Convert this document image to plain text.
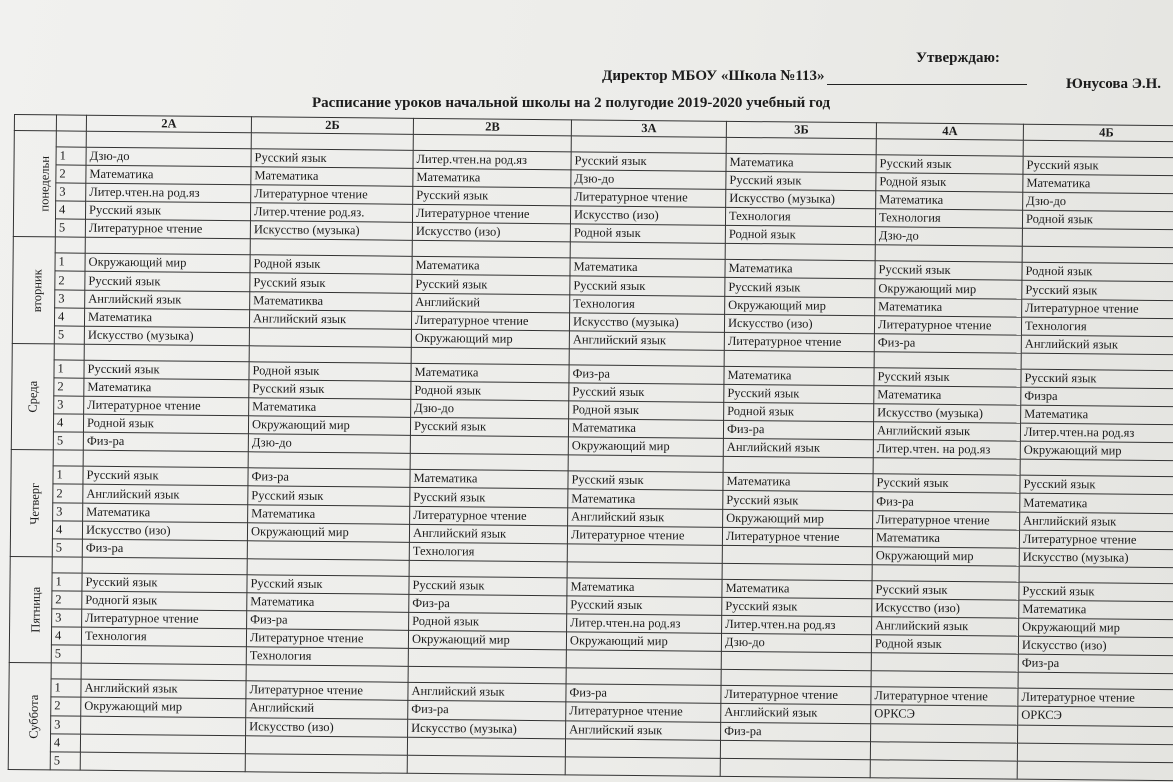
Утверждаю:
Директор МБОУ «Школа №113»	Юнусова Э.Н.
Расписание уроков начальной школы на 2 полугодие 2019-2020 учебный год
		2А	2Б	2В	3А	3Б	4А	4Б
понедельн								
	1	Дзю-до	Русский язык	Литер.чтен.на род.яз	Русский язык	Математика	Русский язык	Русский язык
	2	Математика	Математика	Математика	Дзю-до	Русский язык	Родной язык	Математика
	3	Литер.чтен.на род.яз	Литературное чтение	Русский язык	Литературное чтение	Искусство (музыка)	Математика	Дзю-до
	4	Русский язык	Литер.чтение род.яз.	Литературное чтение	Искусство (изо)	Технология	Технология	Родной язык
	5	Литературное чтение	Искусство (музыка)	Искусство (изо)	Родной язык	Родной язык	Дзю-до	
вторник								
	1	Окружающий мир	Родной язык	Математика	Математика	Математика	Русский язык	Родной язык
	2	Русский язык	Русский язык	Русский язык	Русский язык	Русский язык	Окружающий мир	Русский язык
	3	Английский язык	Математиква	Английский	Технология	Окружающий мир	Математика	Литературное чтение
	4	Математика	Английский язык	Литературное чтение	Искусство (музыка)	Искусство (изо)	Литературное чтение	Технология
	5	Искусство (музыка)		Окружающий мир	Английский язык	Литературное чтение	Физ-ра	Английский язык
Среда								
	1	Русский язык	Родной язык	Математика	Физ-ра	Математика	Русский язык	Русский язык
	2	Математика	Русский язык	Родной язык	Русский язык	Русский язык	Математика	Физра
	3	Литературное чтение	Математика	Дзю-до	Родной язык	Родной язык	Искусство (музыка)	Математика
	4	Родной язык	Окружающий мир	Русский язык	Математика	Физ-ра	Английский язык	Литер.чтен.на род.яз
	5	Физ-ра	Дзю-до		Окружающий мир	Английский язык	Литер.чтен. на род.яз	Окружающий мир
Четверг								
	1	Русский язык	Физ-ра	Математика	Русский язык	Математика	Русский язык	Русский язык
	2	Английский язык	Русский язык	Русский язык	Математика	Русский язык	Физ-ра	Математика
	3	Математика	Математика	Литературное чтение	Английский язык	Окружающий мир	Литературное чтение	Английский язык
	4	Искусство (изо)	Окружающий мир	Английский язык	Литературное чтение	Литературное чтение	Математика	Литературное чтение
	5	Физ-ра		Технология			Окружающий мир	Искусство (музыка)
Пятница								
	1	Русский язык	Русский язык	Русский язык	Математика	Математика	Русский язык	Русский язык
	2	Родногй язык	Математика	Физ-ра	Русский язык	Русский язык	Искусство (изо)	Математика
	3	Литературное чтение	Физ-ра	Родной язык	Литер.чтен.на род.яз	Литер.чтен.на род.яз	Английский язык	Окружающий мир
	4	Технология	Литературное чтение	Окружающий мир	Окружающий мир	Дзю-до	Родной язык	Искусство (изо)
	5		Технология					Физ-ра
Суббота								
	1	Английский язык	Литературное чтение	Английский язык	Физ-ра	Литературное чтение	Литературное чтение	Литературное чтение
	2	Окружающий мир	Английский	Физ-ра	Литературное чтение	Английский язык	ОРКСЭ	ОРКСЭ
	3		Искусство (изо)	Искусство (музыка)	Английский язык	Физ-ра		
	4							
	5							
